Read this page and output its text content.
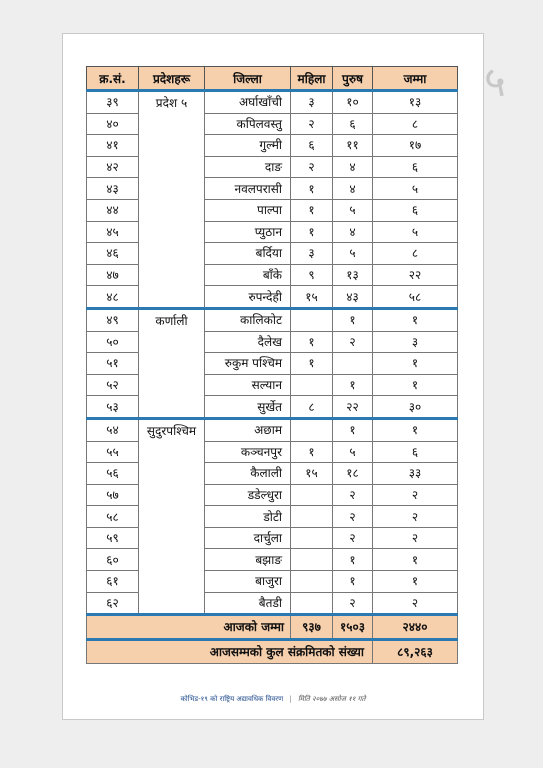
क्र.सं.	प्रदेशहरू	जिल्ला	महिला	पुरुष	जम्मा
३९	प्रदेश ५	अर्घाखाँची	३	१०	१३
४०		कपिलवस्तु	२	६	८
४१		गुल्मी	६	११	१७
४२		दाङ	२	४	६
४३		नवलपरासी	१	४	५
४४		पाल्पा	१	५	६
४५		प्युठान	१	४	५
४६		बर्दिया	३	५	८
४७		बाँके	९	१३	२२
४८		रुपन्देही	१५	४३	५८
४९	कर्णाली	कालिकोट		१	१
५०		दैलेख	१	२	३
५१		रुकुम पश्चिम	१		१
५२		सल्यान		१	१
५३		सुर्खेत	८	२२	३०
५४	सुदुरपश्चिम	अछाम		१	१
५५		कञ्चनपुर	१	५	६
५६		कैलाली	१५	१८	३३
५७		डडेल्धुरा		२	२
५८		डोटी		२	२
५९		दार्चुला		२	२
६०		बझाङ		१	१
६१		बाजुरा		१	१
६२		बैतडी		२	२
आजको जम्मा			९३७	१५०३	२४४०
आजसम्मको कुल संक्रमितको संख्या					८९,२६३
कोभिड-१९ को राष्ट्रिय अद्यावधिक विवरण | मिति २०७७ असोज ११ गते
५
